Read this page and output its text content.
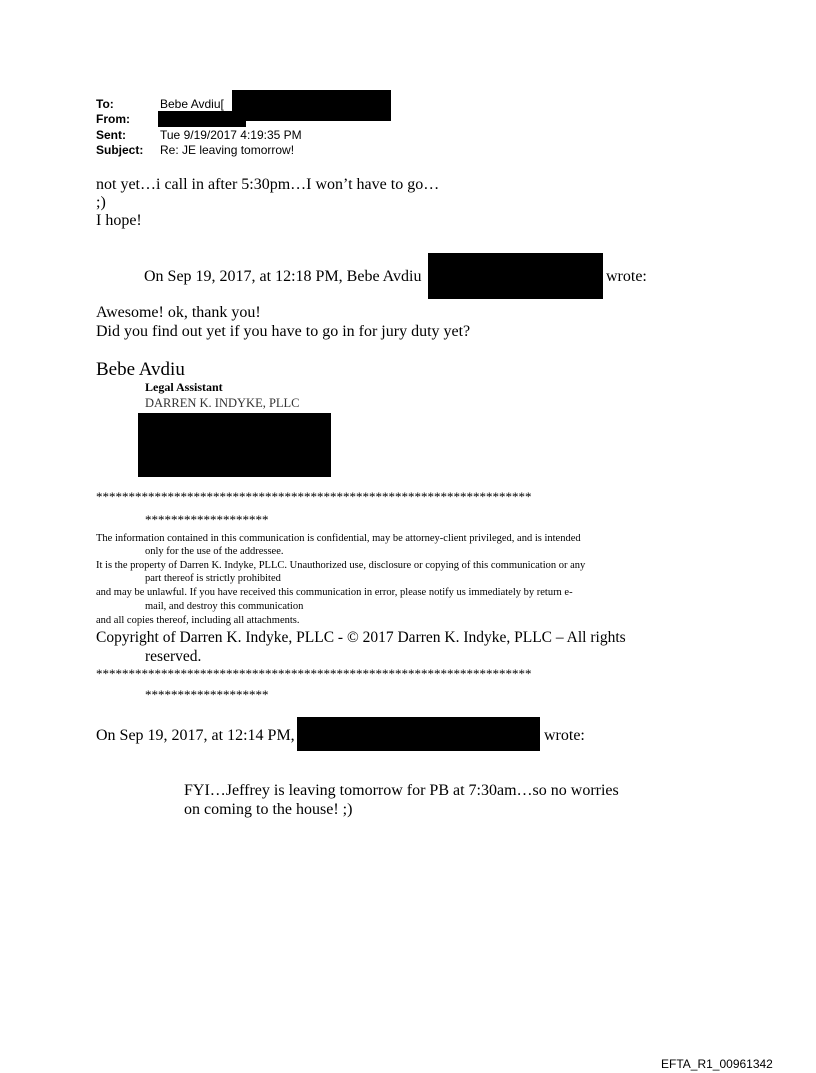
To:	Bebe Avdiu[
From:
Sent:	Tue 9/19/2017 4:19:35 PM
Subject: Re: JE leaving tomorrow!
not yet…i call in after 5:30pm…I won’t have to go…
;)
I hope!
On Sep 19, 2017, at 12:18 PM, Bebe Avdiu	wrote:
Awesome! ok, thank you!
Did you find out yet if you have to go in for jury duty yet?
Bebe Avdiu
Legal Assistant
DARREN K. INDYKE, PLLC
*******************************************************************
*******************
The information contained in this communication is confidential, may be attorney-client privileged, and is intended
only for the use of the addressee.
It is the property of Darren K. Indyke, PLLC. Unauthorized use, disclosure or copying of this communication or any
part thereof is strictly prohibited
and may be unlawful. If you have received this communication in error, please notify us immediately by return e-
mail, and destroy this communication
and all copies thereof, including all attachments.
Copyright of Darren K. Indyke, PLLC - © 2017 Darren K. Indyke, PLLC – All rights
reserved.
*******************************************************************
*******************
On Sep 19, 2017, at 12:14 PM,	wrote:
FYI…Jeffrey is leaving tomorrow for PB at 7:30am…so no worries
on coming to the house! ;)
EFTA_R1_00961342
